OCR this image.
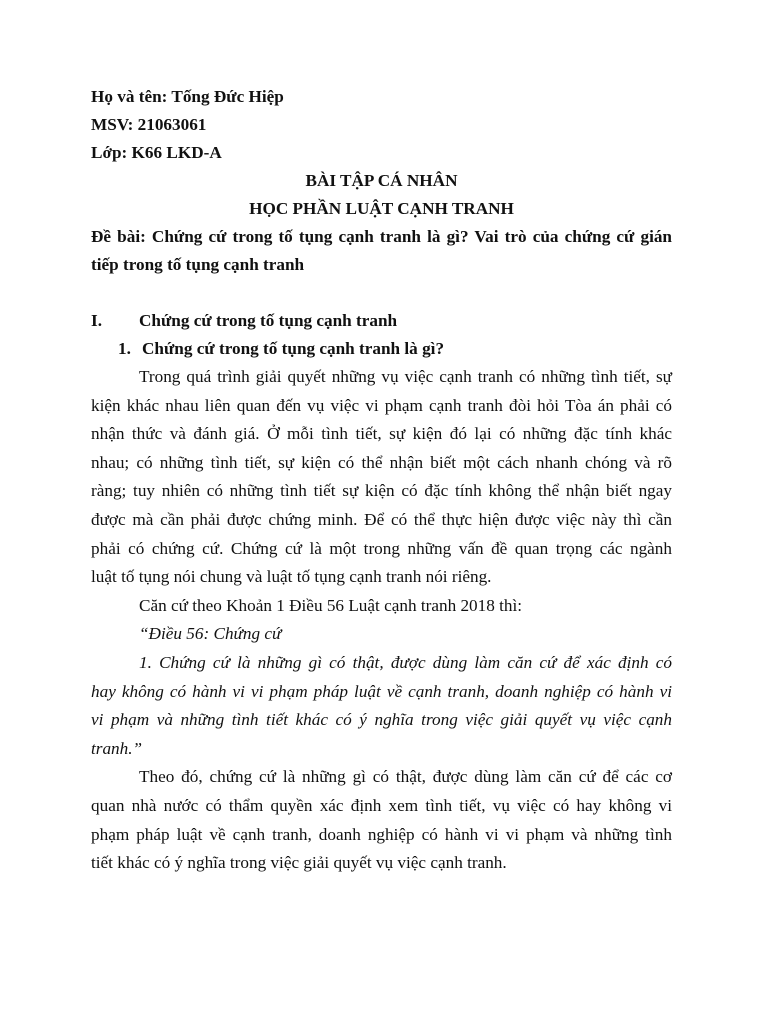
Họ và tên: Tống Đức Hiệp

MSV: 21063061

Lớp: K66 LKD-A

BÀI TẬP CÁ NHÂN

HỌC PHẦN LUẬT CẠNH TRANH

Đề bài: Chứng cứ trong tố tụng cạnh tranh là gì? Vai trò của chứng cứ gián

tiếp trong tố tụng cạnh tranh

I.	Chứng cứ trong tố tụng cạnh tranh
1. Chứng cứ trong tố tụng cạnh tranh là gì?

Trong quá trình giải quyết những vụ việc cạnh tranh có những tình tiết, sự

kiện khác nhau liên quan đến vụ việc vi phạm cạnh tranh đòi hỏi Tòa án phải có

nhận thức và đánh giá. Ở mỗi tình tiết, sự kiện đó lại có những đặc tính khác

nhau; có những tình tiết, sự kiện có thể nhận biết một cách nhanh chóng và rõ

ràng; tuy nhiên có những tình tiết sự kiện có đặc tính không thể nhận biết ngay

được mà cần phải được chứng minh. Để có thể thực hiện được việc này thì cần

phải có chứng cứ. Chứng cứ là một trong những vấn đề quan trọng các ngành

luật tố tụng nói chung và luật tố tụng cạnh tranh nói riêng.

Căn cứ theo Khoản 1 Điều 56 Luật cạnh tranh 2018 thì:

“Điều 56: Chứng cứ

1. Chứng cứ là những gì có thật, được dùng làm căn cứ để xác định có

hay không có hành vi vi phạm pháp luật về cạnh tranh, doanh nghiệp có hành vi

vi phạm và những tình tiết khác có ý nghĩa trong việc giải quyết vụ việc cạnh

tranh.”

Theo đó, chứng cứ là những gì có thật, được dùng làm căn cứ để các cơ

quan nhà nước có thẩm quyền xác định xem tình tiết, vụ việc có hay không vi

phạm pháp luật về cạnh tranh, doanh nghiệp có hành vi vi phạm và những tình

tiết khác có ý nghĩa trong việc giải quyết vụ việc cạnh tranh.
